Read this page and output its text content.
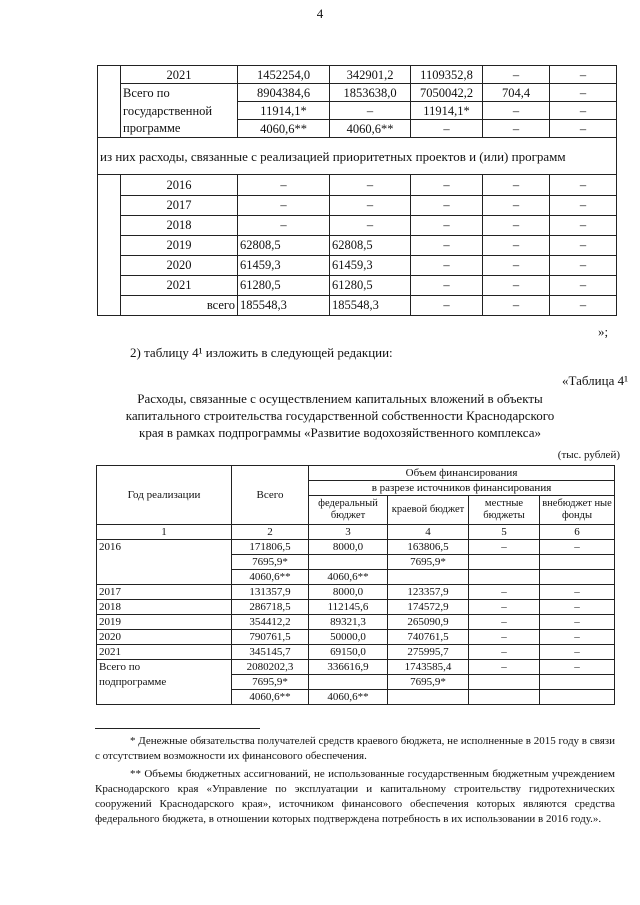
4
	2021	1452254,0	342901,2	1109352,8	–	–
	Всего по	8904384,6	1853638,0	7050042,2	704,4	–
	государственной	11914,1*	–	11914,1*	–	–
	программе	4060,6**	4060,6**	–	–	–
из них расходы, связанные с реализацией приоритетных проектов и (или) программ						
	2016	–	–	–	–	–
	2017	–	–	–	–	–
	2018	–	–	–	–	–
	2019	62808,5	62808,5	–	–	–
	2020	61459,3	61459,3	–	–	–
	2021	61280,5	61280,5	–	–	–
	всего	185548,3	185548,3	–	–	–
»;
2) таблицу 4¹ изложить в следующей редакции:
«Таблица 4¹
Расходы, связанные с осуществлением капитальных вложений в объекты
капитального строительства государственной собственности Краснодарского
края в рамках подпрограммы «Развитие водохозяйственного комплекса»
(тыс. рублей)
Год реализации	Всего	Объем финансирования			
		в разрезе источников финансирования			
		федеральный бюджет	краевой бюджет	местные бюджеты	внебюджет ные фонды
1	2	3	4	5	6
2016	171806,5	8000,0	163806,5	–	–
	7695,9*		7695,9*		
	4060,6**	4060,6**			
2017	131357,9	8000,0	123357,9	–	–
2018	286718,5	112145,6	174572,9	–	–
2019	354412,2	89321,3	265090,9	–	–
2020	790761,5	50000,0	740761,5	–	–
2021	345145,7	69150,0	275995,7	–	–
Всего по	2080202,3	336616,9	1743585,4	–	–
подпрограмме	7695,9*		7695,9*		
	4060,6**	4060,6**			
* Денежные обязательства получателей средств краевого бюджета, не исполненные в 2015 году в связи с отсутствием возможности их финансового обеспечения.
** Объемы бюджетных ассигнований, не использованные государственным бюджетным учреждением Краснодарского края «Управление по эксплуатации и капитальному строительству гидротехнических сооружений Краснодарского края», источником финансового обеспечения которых являются средства федерального бюджета, в отношении которых подтверждена потребность в их использовании в 2016 году.».
